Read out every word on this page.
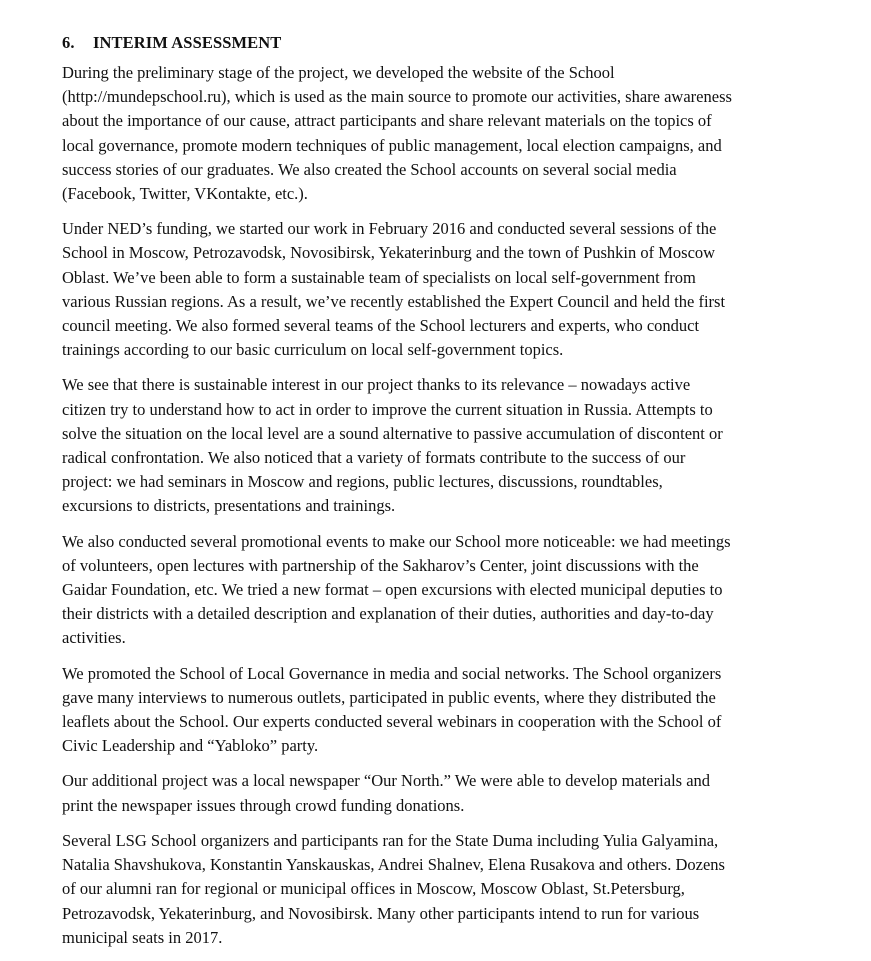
6. INTERIM ASSESSMENT
During the preliminary stage of the project, we developed the website of the School
(http://mundepschool.ru), which is used as the main source to promote our activities, share awareness
about the importance of our cause, attract participants and share relevant materials on the topics of
local governance, promote modern techniques of public management, local election campaigns, and
success stories of our graduates. We also created the School accounts on several social media
(Facebook, Twitter, VKontakte, etc.).
Under NED’s funding, we started our work in February 2016 and conducted several sessions of the
School in Moscow, Petrozavodsk, Novosibirsk, Yekaterinburg and the town of Pushkin of Moscow
Oblast. We’ve been able to form a sustainable team of specialists on local self-government from
various Russian regions. As a result, we’ve recently established the Expert Council and held the first
council meeting. We also formed several teams of the School lecturers and experts, who conduct
trainings according to our basic curriculum on local self-government topics.
We see that there is sustainable interest in our project thanks to its relevance – nowadays active
citizen try to understand how to act in order to improve the current situation in Russia. Attempts to
solve the situation on the local level are a sound alternative to passive accumulation of discontent or
radical confrontation. We also noticed that a variety of formats contribute to the success of our
project: we had seminars in Moscow and regions, public lectures, discussions, roundtables,
excursions to districts, presentations and trainings.
We also conducted several promotional events to make our School more noticeable: we had meetings
of volunteers, open lectures with partnership of the Sakharov’s Center, joint discussions with the
Gaidar Foundation, etc. We tried a new format – open excursions with elected municipal deputies to
their districts with a detailed description and explanation of their duties, authorities and day-to-day
activities.
We promoted the School of Local Governance in media and social networks. The School organizers
gave many interviews to numerous outlets, participated in public events, where they distributed the
leaflets about the School. Our experts conducted several webinars in cooperation with the School of
Civic Leadership and “Yabloko” party.
Our additional project was a local newspaper “Our North.” We were able to develop materials and
print the newspaper issues through crowd funding donations.
Several LSG School organizers and participants ran for the State Duma including Yulia Galyamina,
Natalia Shavshukova, Konstantin Yanskauskas, Andrei Shalnev, Elena Rusakova and others. Dozens
of our alumni ran for regional or municipal offices in Moscow, Moscow Oblast, St.Petersburg,
Petrozavodsk, Yekaterinburg, and Novosibirsk. Many other participants intend to run for various
municipal seats in 2017.
